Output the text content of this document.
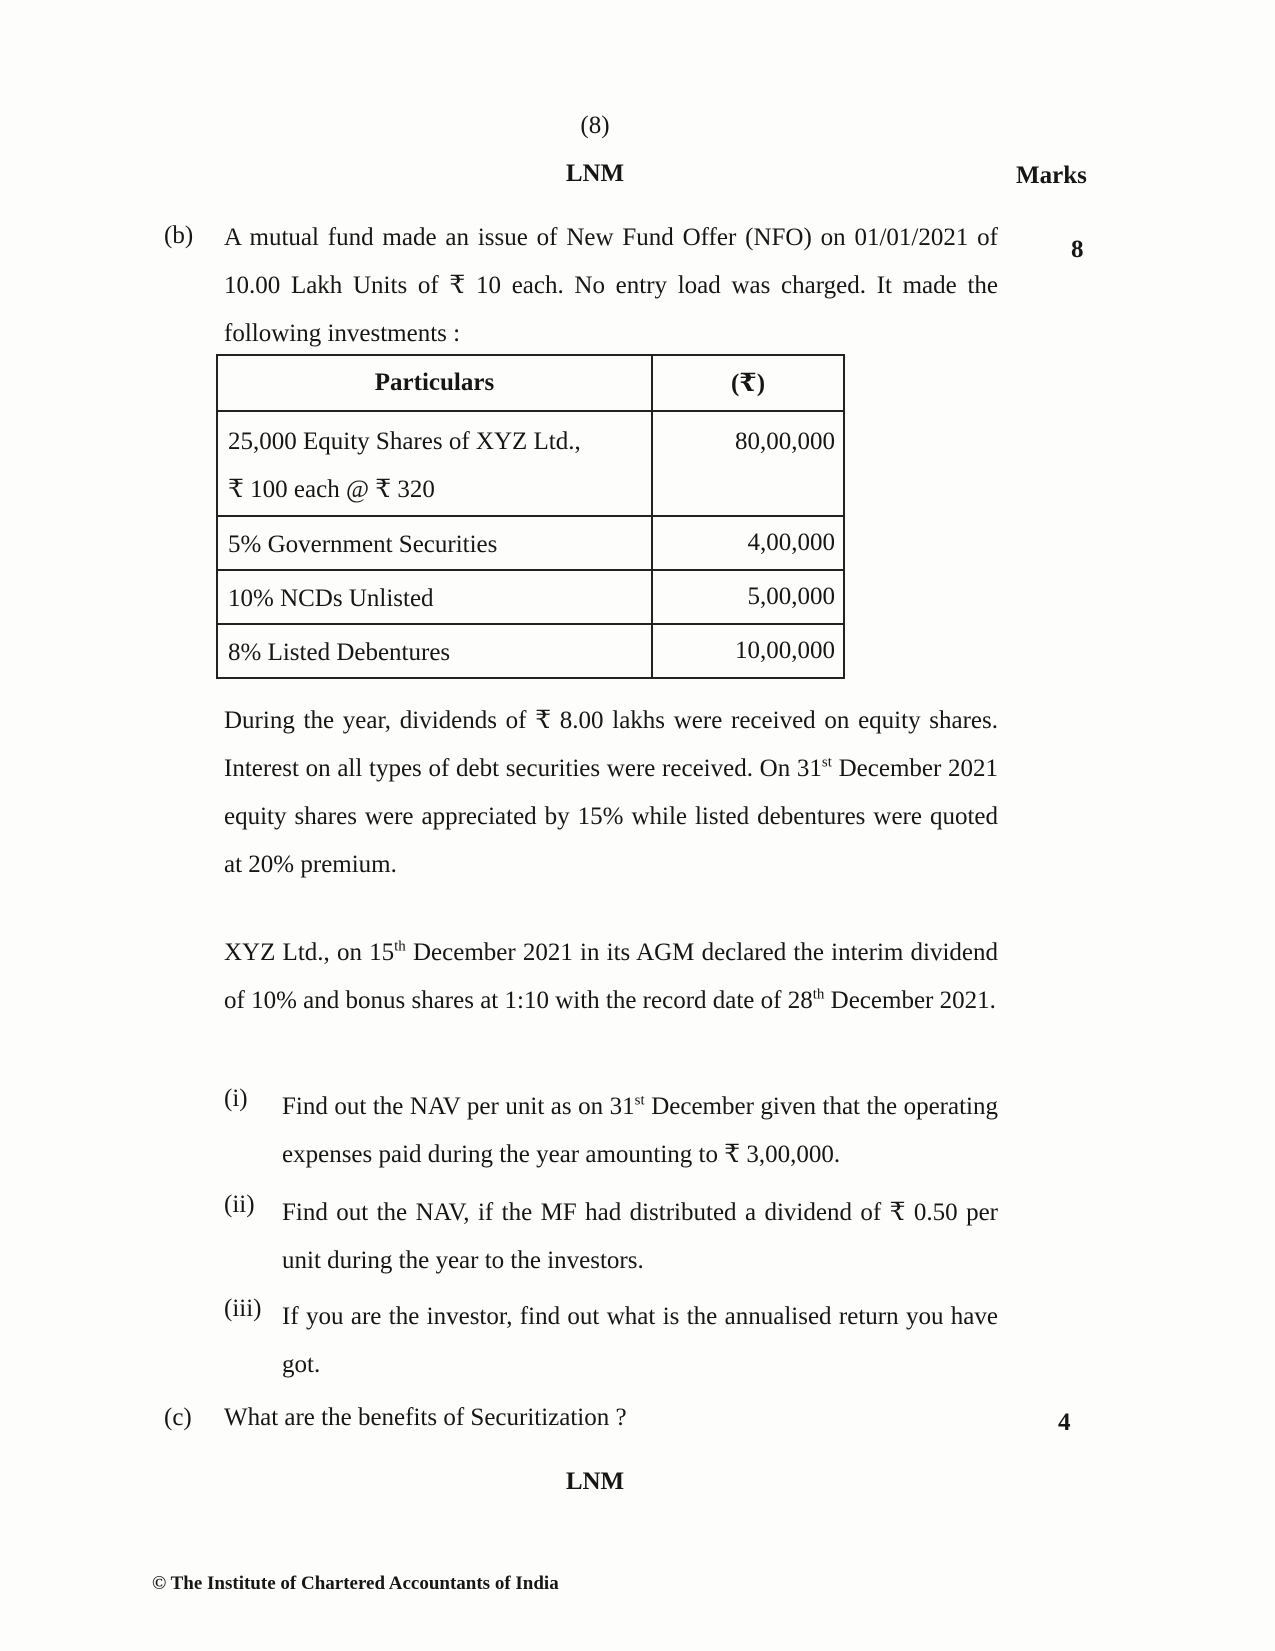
(8)
LNM	Marks
(b)
8

A mutual fund made an issue of New Fund Offer (NFO) on 01/01/2021 of 10.00 Lakh Units of ₹ 10 each. No entry load was charged. It made the following investments :

Particulars	(₹)

25,000 Equity Shares of XYZ Ltd.,
₹ 100 each @ ₹ 320	80,00,000
5% Government Securities	4,00,000
10% NCDs Unlisted	5,00,000
8% Listed Debentures	10,00,000

During the year, dividends of ₹ 8.00 lakhs were received on equity shares. Interest on all types of debt securities were received. On 31st December 2021 equity shares were appreciated by 15% while listed debentures were quoted at 20% premium.

XYZ Ltd., on 15th December 2021 in its AGM declared the interim dividend of 10% and bonus shares at 1:10 with the record date of 28th December 2021.

(i) Find out the NAV per unit as on 31st December given that the operating expenses paid during the year amounting to ₹ 3,00,000.
(ii) Find out the NAV, if the MF had distributed a dividend of ₹ 0.50 per unit during the year to the investors.
(iii) If you are the investor, find out what is the annualised return you have got.
(c) What are the benefits of Securitization ?	4
LNM
© The Institute of Chartered Accountants of India
